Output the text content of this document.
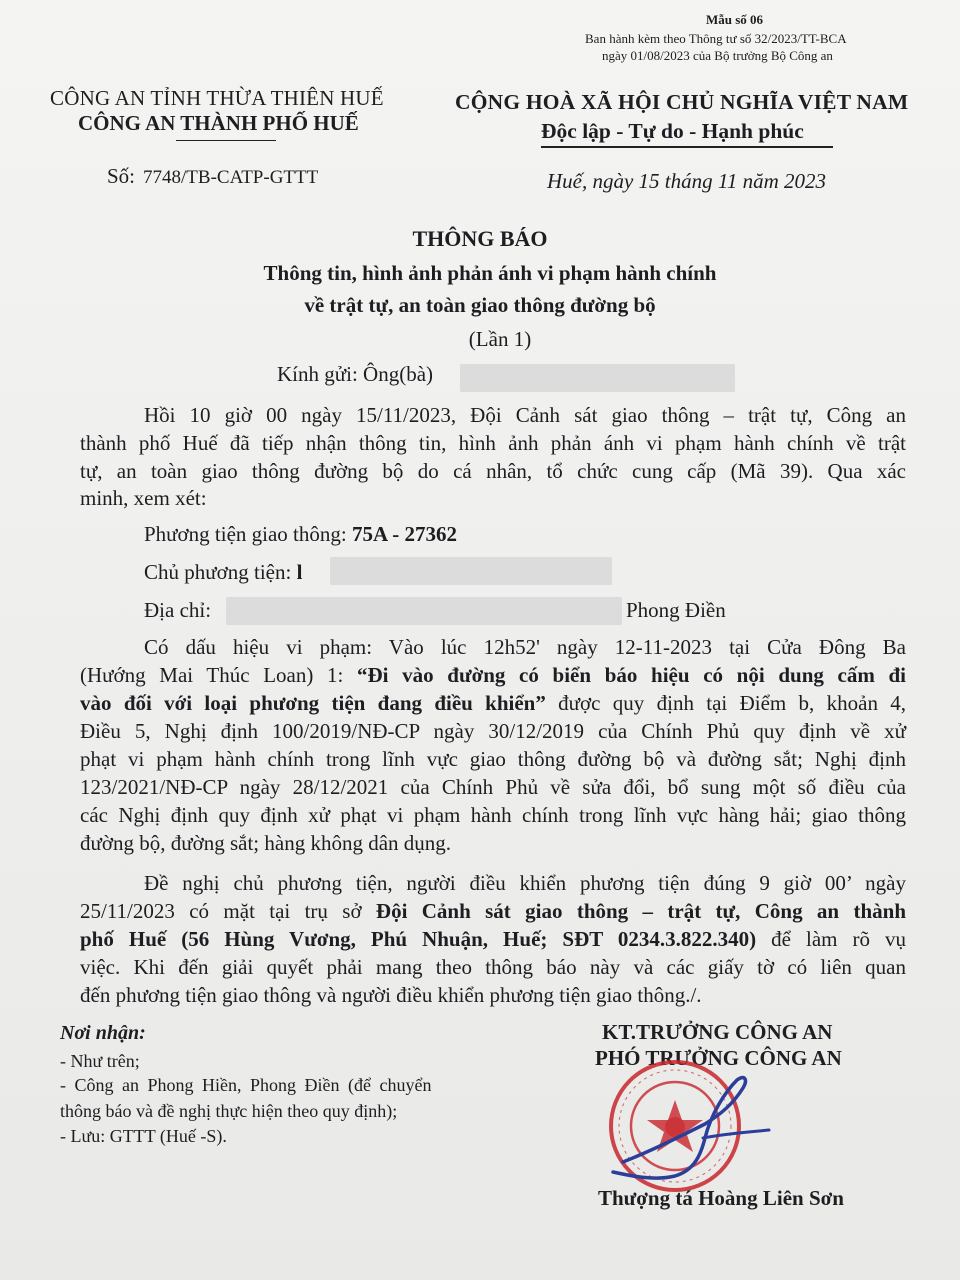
Mẫu số 06
Ban hành kèm theo Thông tư số 32/2023/TT-BCA
ngày 01/08/2023 của Bộ trưởng Bộ Công an
CÔNG AN TỈNH THỪA THIÊN HUẾ
CÔNG AN THÀNH PHỐ HUẾ
Số: 7748/TB-CATP-GTTT
CỘNG HOÀ XÃ HỘI CHỦ NGHĨA VIỆT NAM
Độc lập - Tự do - Hạnh phúc
Huế, ngày 15 tháng 11 năm 2023
THÔNG BÁO
Thông tin, hình ảnh phản ánh vi phạm hành chính
về trật tự, an toàn giao thông đường bộ
(Lần 1)
Kính gửi: Ông(bà)
Hồi 10 giờ 00 ngày 15/11/2023, Đội Cảnh sát giao thông – trật tự, Công an
thành phố Huế đã tiếp nhận thông tin, hình ảnh phản ánh vi phạm hành chính về trật
tự, an toàn giao thông đường bộ do cá nhân, tổ chức cung cấp (Mã 39). Qua xác
minh, xem xét:
Phương tiện giao thông: 75A - 27362
Chủ phương tiện: l
Địa chỉ:	Phong Điền
Có dấu hiệu vi phạm: Vào lúc 12h52' ngày 12-11-2023 tại Cửa Đông Ba
(Hướng Mai Thúc Loan) 1: “Đi vào đường có biển báo hiệu có nội dung cấm đi
vào đối với loại phương tiện đang điều khiển” được quy định tại Điểm b, khoản 4,
Điều 5, Nghị định 100/2019/NĐ-CP ngày 30/12/2019 của Chính Phủ quy định về xử
phạt vi phạm hành chính trong lĩnh vực giao thông đường bộ và đường sắt; Nghị định
123/2021/NĐ-CP ngày 28/12/2021 của Chính Phủ về sửa đổi, bổ sung một số điều của
các Nghị định quy định xử phạt vi phạm hành chính trong lĩnh vực hàng hải; giao thông
đường bộ, đường sắt; hàng không dân dụng.
Đề nghị chủ phương tiện, người điều khiển phương tiện đúng 9 giờ 00’ ngày
25/11/2023 có mặt tại trụ sở Đội Cảnh sát giao thông – trật tự, Công an thành
phố Huế (56 Hùng Vương, Phú Nhuận, Huế; SĐT 0234.3.822.340) để làm rõ vụ
việc. Khi đến giải quyết phải mang theo thông báo này và các giấy tờ có liên quan
đến phương tiện giao thông và người điều khiển phương tiện giao thông./.
Nơi nhận:
- Như trên;
- Công an Phong Hiền, Phong Điền (để chuyển
thông báo và đề nghị thực hiện theo quy định);
- Lưu: GTTT (Huế -S).
KT.TRƯỞNG CÔNG AN
PHÓ TRƯỞNG CÔNG AN
Thượng tá Hoàng Liên Sơn
